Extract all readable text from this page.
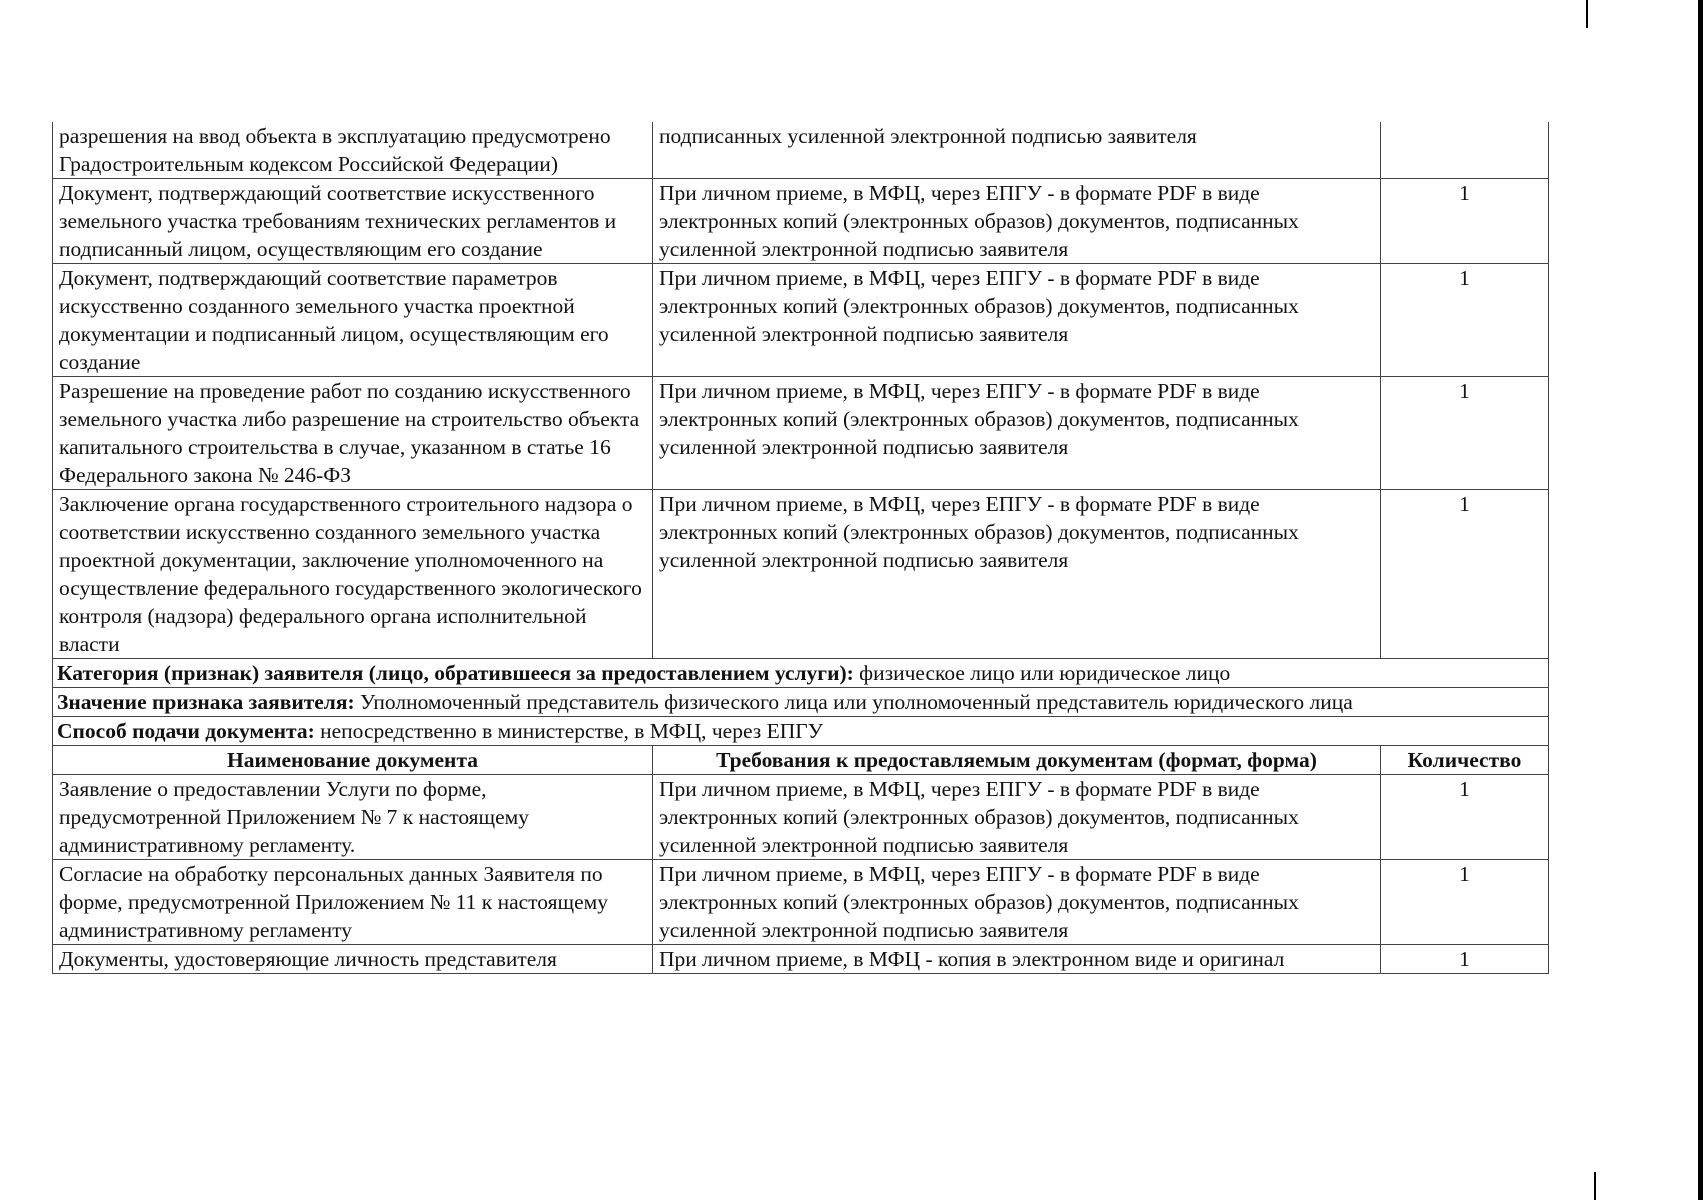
разрешения на ввод объекта в эксплуатацию предусмотрено Градостроительным кодексом Российской Федерации)	подписанных усиленной электронной подписью заявителя	
Документ, подтверждающий соответствие искусственного земельного участка требованиям технических регламентов и подписанный лицом, осуществляющим его создание	При личном приеме, в МФЦ, через ЕПГУ - в формате PDF в виде электронных копий (электронных образов) документов, подписанных усиленной электронной подписью заявителя	1
Документ, подтверждающий соответствие параметров искусственно созданного земельного участка проектной документации и подписанный лицом, осуществляющим его создание	При личном приеме, в МФЦ, через ЕПГУ - в формате PDF в виде электронных копий (электронных образов) документов, подписанных усиленной электронной подписью заявителя	1
Разрешение на проведение работ по созданию искусственного земельного участка либо разрешение на строительство объекта капитального строительства в случае, указанном в статье 16 Федерального закона № 246-ФЗ	При личном приеме, в МФЦ, через ЕПГУ - в формате PDF в виде электронных копий (электронных образов) документов, подписанных усиленной электронной подписью заявителя	1
Заключение органа государственного строительного надзора о соответствии искусственно созданного земельного участка проектной документации, заключение уполномоченного на осуществление федерального государственного экологического контроля (надзора) федерального органа исполнительной власти	При личном приеме, в МФЦ, через ЕПГУ - в формате PDF в виде электронных копий (электронных образов) документов, подписанных усиленной электронной подписью заявителя	1
Категория (признак) заявителя (лицо, обратившееся за предоставлением услуги): физическое лицо или юридическое лицо		
Значение признака заявителя: Уполномоченный представитель физического лица или уполномоченный представитель юридического лица		
Способ подачи документа: непосредственно в министерстве, в МФЦ, через ЕПГУ		
Наименование документа	Требования к предоставляемым документам (формат, форма)	Количество
Заявление о предоставлении Услуги по форме, предусмотренной Приложением № 7 к настоящему административному регламенту.	При личном приеме, в МФЦ, через ЕПГУ - в формате PDF в виде электронных копий (электронных образов) документов, подписанных усиленной электронной подписью заявителя	1
Согласие на обработку персональных данных Заявителя по форме, предусмотренной Приложением № 11 к настоящему административному регламенту	При личном приеме, в МФЦ, через ЕПГУ - в формате PDF в виде электронных копий (электронных образов) документов, подписанных усиленной электронной подписью заявителя	1
Документы, удостоверяющие личность представителя	При личном приеме, в МФЦ - копия в электронном виде и оригинал	1
